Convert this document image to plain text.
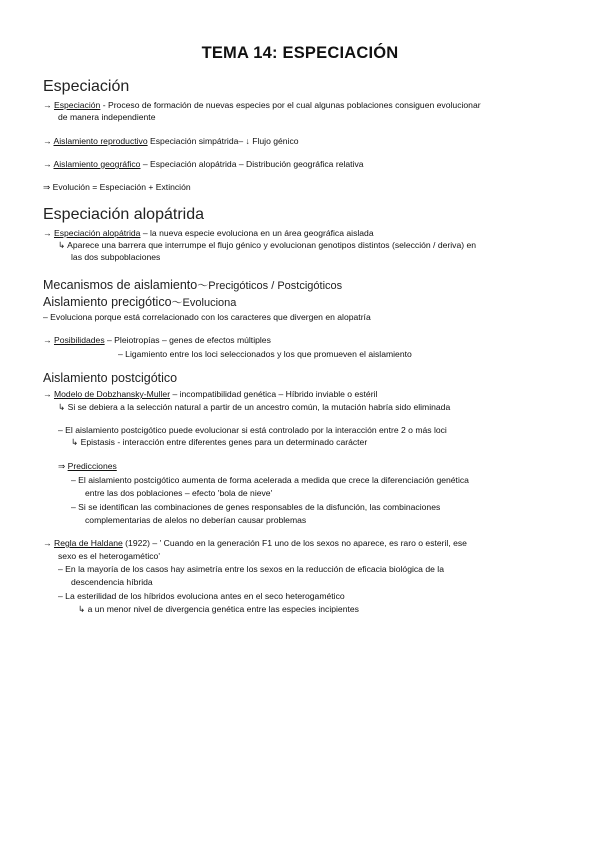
TEMA 14: ESPECIACIÓN
Especiación
→ Especiación - Proceso de formación de nuevas especies por el cual algunas poblaciones consiguen evolucionar
de manera independiente
→ Aislamiento reproductivo Especiación simpátrida– ↓ Flujo génico
→ Aislamiento geográfico – Especiación alopátrida – Distribución geográfica relativa
⇒ Evolución = Especiación + Extinción
Especiación alopátrida
→ Especiación alopátrida – la nueva especie evoluciona en un área geográfica aislada
↳ Aparece una barrera que interrumpe el flujo génico y evolucionan genotipos distintos (selección / deriva) en
las dos subpoblaciones
Mecanismos de aislamiento～Precigóticos / Postcigóticos
Aislamiento precigótico～Evoluciona
– Evoluciona porque está correlacionado con los caracteres que divergen en alopatría
→ Posibilidades – Pleiotropías – genes de efectos múltiples
– Ligamiento entre los loci seleccionados y los que promueven el aislamiento
Aislamiento postcigótico
→ Modelo de Dobzhansky-Muller – incompatibilidad genética – Híbrido inviable o estéril
↳ Si se debiera a la selección natural a partir de un ancestro común, la mutación habría sido eliminada
– El aislamiento postcigótico puede evolucionar si está controlado por la interacción entre 2 o más loci
↳ Epistasis - interacción entre diferentes genes para un determinado carácter
⇒ Predicciones
– El aislamiento postcigótico aumenta de forma acelerada a medida que crece la diferenciación genética
entre las dos poblaciones – efecto 'bola de nieve'
– Si se identifican las combinaciones de genes responsables de la disfunción, las combinaciones
complementarias de alelos no deberían causar problemas
→ Regla de Haldane (1922) – ' Cuando en la generación F1 uno de los sexos no aparece, es raro o esteril, ese
sexo es el heterogamético'
– En la mayoría de los casos hay asimetría entre los sexos en la reducción de eficacia biológica de la
descendencia híbrida
– La esterilidad de los híbridos evoluciona antes en el seco heterogamético
↳ a un menor nivel de divergencia genética entre las especies incipientes
